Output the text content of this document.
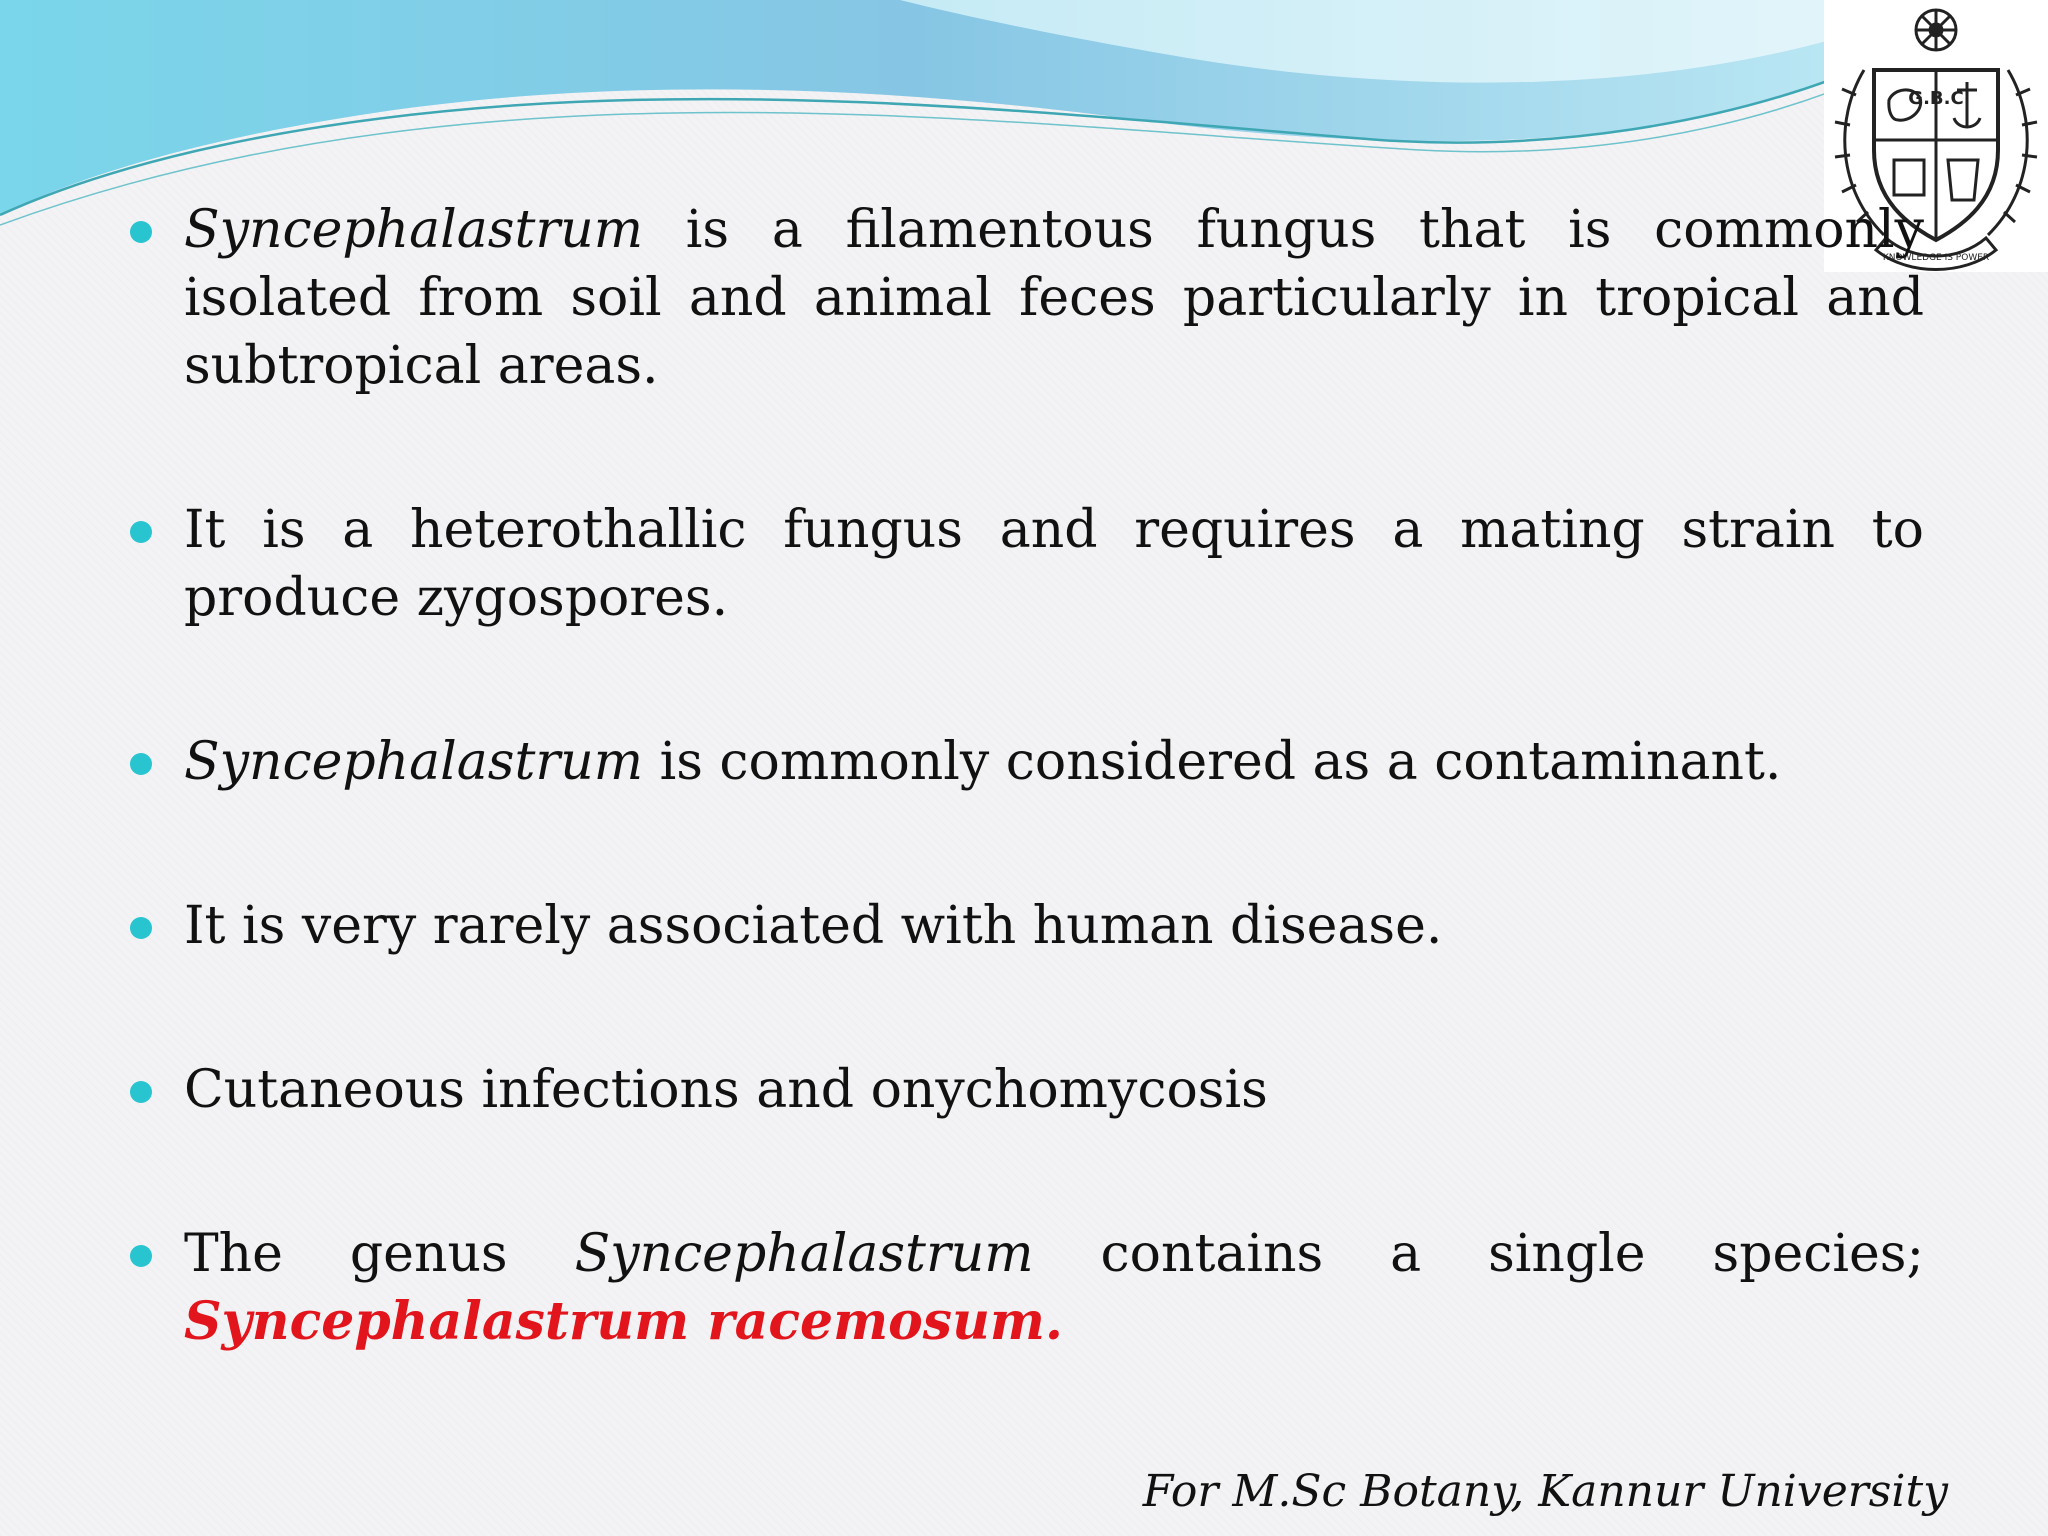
G.B.C
KNOWLEDGE IS POWER
Syncephalastrum is a filamentous fungus that is commonly isolated from soil and animal feces particularly in tropical and subtropical areas.
It is a heterothallic fungus and requires a mating strain to produce zygospores.
Syncephalastrum is commonly considered as a contaminant.
It is very rarely associated with human disease.
Cutaneous infections and onychomycosis
The genus Syncephalastrum contains a single species; Syncephalastrum racemosum.
For M.Sc Botany, Kannur University
